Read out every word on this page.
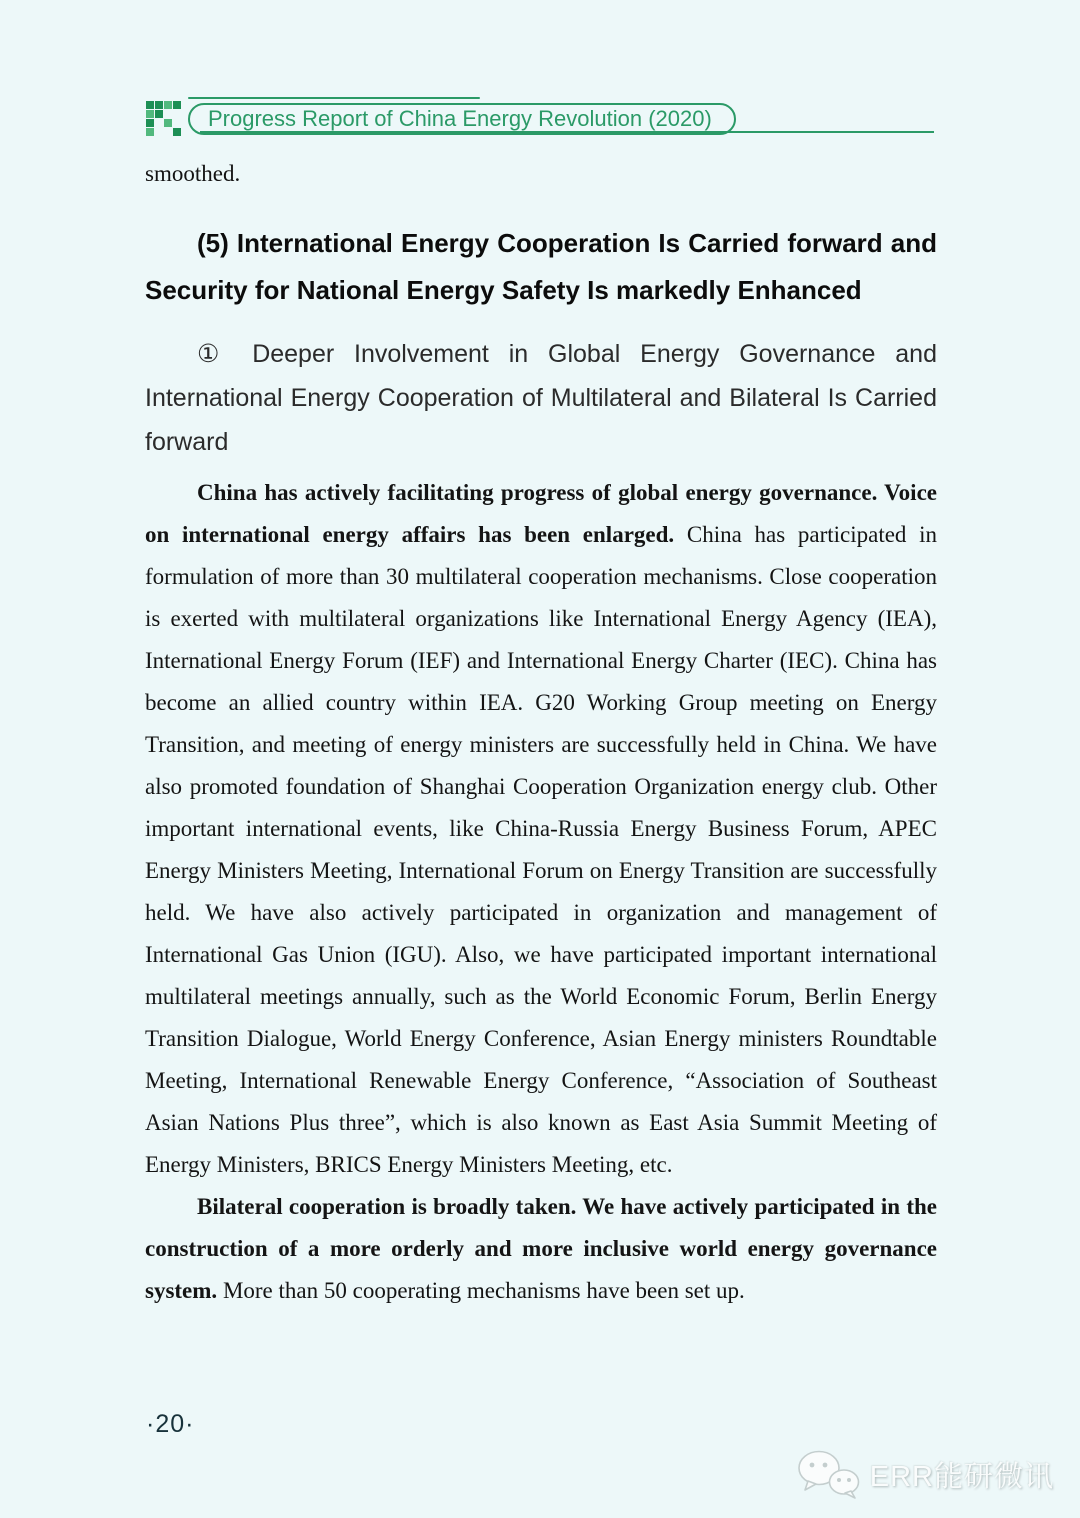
Progress Report of China Energy Revolution (2020)

smoothed.

(5) International Energy Cooperation Is Carried forward and Security for National Energy Safety Is markedly Enhanced
① Deeper Involvement in Global Energy Governance and International Energy Cooperation of Multilateral and Bilateral Is Carried forward

China has actively facilitating progress of global energy governance. Voice on international energy affairs has been enlarged. China has participated in formulation of more than 30 multilateral cooperation mechanisms. Close cooperation is exerted with multilateral organizations like International Energy Agency (IEA), International Energy Forum (IEF) and International Energy Charter (IEC). China has become an allied country within IEA. G20 Working Group meeting on Energy Transition, and meeting of energy ministers are successfully held in China. We have also promoted foundation of Shanghai Cooperation Organization energy club. Other important international events, like China-Russia Energy Business Forum, APEC Energy Ministers Meeting, International Forum on Energy Transition are successfully held. We have also actively participated in organization and management of International Gas Union (IGU). Also, we have participated important international multilateral meetings annually, such as the World Economic Forum, Berlin Energy Transition Dialogue, World Energy Conference, Asian Energy ministers Roundtable Meeting, International Renewable Energy Conference, “Association of Southeast Asian Nations Plus three”, which is also known as East Asia Summit Meeting of Energy Ministers, BRICS Energy Ministers Meeting, etc.

Bilateral cooperation is broadly taken. We have actively participated in the construction of a more orderly and more inclusive world energy governance system. More than 50 cooperating mechanisms have been set up.

·20·
ERR能研微讯
